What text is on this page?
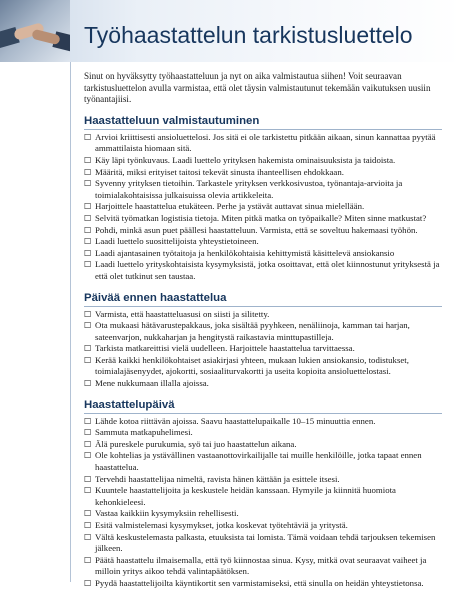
Työhaastattelun tarkistusluettelo

Sinut on hyväksytty työhaastatteluun ja nyt on aika valmistautua siihen! Voit seuraavan tarkistusluettelon avulla varmistaa, että olet täysin valmistautunut tekemään vaikutuksen uusiin työnantajiisi.

Haastatteluun valmistautuminen
☐ Arvioi kriittisesti ansioluettelosi. Jos sitä ei ole tarkistettu pitkään aikaan, sinun kannattaa pyytää ammattilaista hiomaan sitä.
☐ Käy läpi työnkuvaus. Laadi luettelo yrityksen hakemista ominaisuuksista ja taidoista.
☐ Määritä, miksi erityiset taitosi tekevät sinusta ihanteellisen ehdokkaan.
☐ Syvenny yrityksen tietoihin. Tarkastele yrityksen verkkosivustoa, työnantaja-arvioita ja toimialakohtaisissa julkaisuissa olevia artikkeleita.
☐ Harjoittele haastattelua etukäteen. Perhe ja ystävät auttavat sinua mielellään.
☐ Selvitä työmatkan logistisia tietoja. Miten pitkä matka on työpaikalle? Miten sinne matkustat?
☐ Pohdi, minkä asun puet päällesi haastatteluun. Varmista, että se soveltuu hakemaasi työhön.
☐ Laadi luettelo suosittelijoista yhteystietoineen.
☐ Laadi ajantasainen työtaitoja ja henkilökohtaisia kehittymistä käsittelevä ansiokansio
☐ Laadi luettelo yrityskohtaisista kysymyksistä, jotka osoittavat, että olet kiinnostunut yrityksestä ja että olet tutkinut sen taustaa.
Päivää ennen haastattelua
☐ Varmista, että haastatteluasusi on siisti ja silitetty.
☐ Ota mukaasi hätävarustepakkaus, joka sisältää pyyhkeen, nenäliinoja, kamman tai harjan, sateenvarjon, nukkaharjan ja hengitystä raikastavia minttupastilleja.
☐ Tarkista matkareittisi vielä uudelleen. Harjoittele haastattelua tarvittaessa.
☐ Kerää kaikki henkilökohtaiset asiakirjasi yhteen, mukaan lukien ansiokansio, todistukset, toimialajäsenyydet, ajokortti, sosiaaliturvakortti ja useita kopioita ansioluettelostasi.
☐ Mene nukkumaan illalla ajoissa.
Haastattelupäivä
☐ Lähde kotoa riittävän ajoissa. Saavu haastattelupaikalle 10–15 minuuttia ennen.
☐ Sammuta matkapuhelimesi.
☐ Älä pureskele purukumia, syö tai juo haastattelun aikana.
☐ Ole kohtelias ja ystävällinen vastaanottovirkailijalle tai muille henkilöille, jotka tapaat ennen haastattelua.
☐ Tervehdi haastattelijaa nimeltä, ravista hänen kättään ja esittele itsesi.
☐ Kuuntele haastattelijoita ja keskustele heidän kanssaan. Hymyile ja kiinnitä huomiota kehonkieleesi.
☐ Vastaa kaikkiin kysymyksiin rehellisesti.
☐ Esitä valmistelemasi kysymykset, jotka koskevat työtehtäviä ja yritystä.
☐ Vältä keskustelemasta palkasta, etuuksista tai lomista. Tämä voidaan tehdä tarjouksen tekemisen jälkeen.
☐ Päätä haastattelu ilmaisemalla, että työ kiinnostaa sinua. Kysy, mitkä ovat seuraavat vaiheet ja milloin yritys aikoo tehdä valintapäätöksen.
☐ Pyydä haastattelijoilta käyntikortit sen varmistamiseksi, että sinulla on heidän yhteystietonsa.
